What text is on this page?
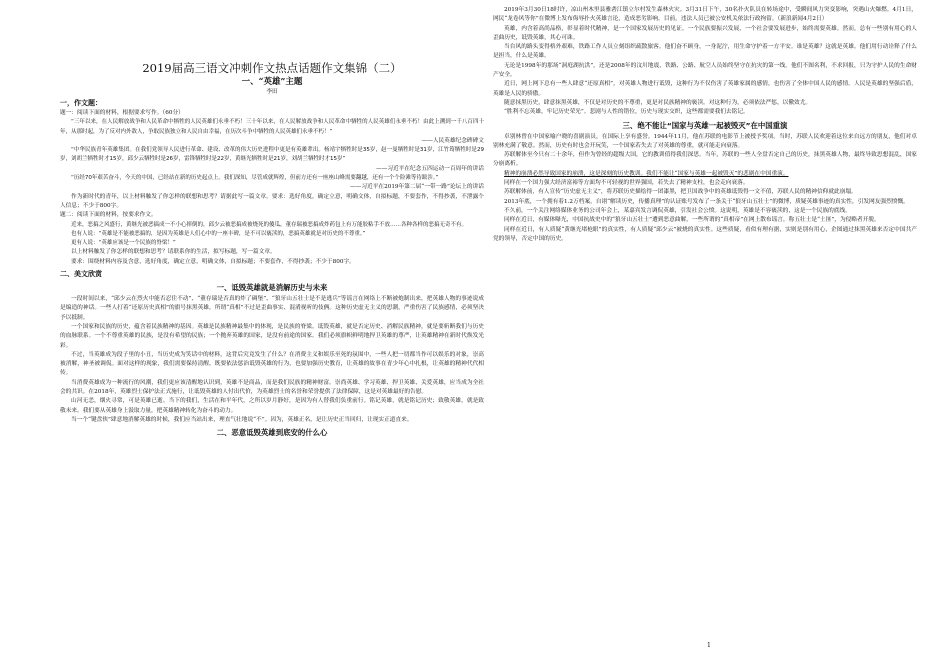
2019届高三语文冲刺作文热点话题作文集锦（二）

一、“英雄”主题

李田

一，作文题：

题一：阅读下面的材料，根据要求写作。（60分）

“三年以来，在人民解放战争和人民革命中牺牲的人民英雄们永垂不朽！三十年以来，在人民解放战争和人民革命中牺牲的人民英雄们永垂不朽！由此上溯到一千八百四十年，从那时起，为了反对内外敌人，争取民族独立和人民自由幸福，在历次斗争中牺牲的人民英雄们永垂不朽！”

——人民英雄纪念碑碑文

“中华民族青年英雄集团。在我们党领导人民进行革命、建设、改革的伟大历史进程中更是有英雄辈出。杨靖宇牺牲时是35岁，赵一曼牺牲时是31岁，江竹筠牺牲时是29岁，刘胡兰牺牲时才15岁，邱少云牺牲时是26岁，雷锋牺牲时是22岁，黄继光牺牲时是21岁，刘胡兰牺牲时才15岁”

——习近平在纪念五四运动一百周年的讲话

“历经70年艰苦奋斗，今天的中国，已经站在新的历史起点上。我们深知，尽管成就辉煌，但前方还有一座座山峰需要翻越，还有一个个险滩等待跋涉。”

——习近平在2019年第二届“一带一路”论坛上的讲话

作为新时代的青年，以上材料触发了你怎样的联想和思考？请据此写一篇文章。要求：选好角度，确定立意，明确文体，自拟标题，不要套作，不得抄袭，不泄露个人信息；不少于800字。

题二：阅读下面的材料，按要求作文。

近来，恶搞之风盛行，黄继光被恶搞成一不小心摔倒的，邱少云被恶搞成被烧死的傻瓜，董存瑞被恶搞成炸药包上有万能胶粘手不放……各种各样的恶搞无奇不有。

也有人说：“英雄是不能被恶搞的，是因为英雄是人们心中的一座丰碑，是不可以亵渎的，恶搞英雄就是对历史的不尊重。”

更有人说：“英雄应该是一个民族的脊梁！”

以上材料触发了你怎样的联想和思考？请联系你的生活，拟写标题，写一篇文章。

要求：围绕材料内容及含意，选好角度，确定立意，明确文体，自拟标题；不要套作，不得抄袭；不少于800字。

二、美文欣赏

一、诋毁英雄就是消解历史与未来

一段时间以来，“邱少云在烈火中能否忍住不动”、“董存瑞是否真的炸了碉堡”、“狼牙山五壮士是不是逃兵”等谣言在网络上不断被炮制出来，把英雄人物的事迹说成是编造的神话。一些人打着“还原历史真相”的旗号抹黑英雄，所谓“真相”不过是歪曲事实、混淆视听的伎俩。这种历史虚无主义的思潮，严重伤害了民族感情，必须坚决予以抵制。

一个国家和民族的历史，蕴含着民族精神的基因。英雄是民族精神最集中的体现，是民族的脊梁。诋毁英雄，就是否定历史、消解民族精神，就是要斩断我们与历史的血脉联系。一个不尊重英雄的民族，是没有希望的民族；一个抛弃英雄的国家，是没有前途的国家。我们必须旗帜鲜明地捍卫英雄的尊严，让英雄精神在新时代焕发光彩。

不过，当英雄成为段子里的小丑，当历史成为笑话中的材料，这背后究竟发生了什么？在消费主义和娱乐至死的氛围中，一些人把一切都当作可以娱乐的对象，崇高被消解，神圣被调侃。面对这样的现象，我们需要保持清醒，既要依法惩治诋毁英雄的行为，也要加强历史教育，让英雄的故事在青少年心中扎根，让英雄的精神代代相传。

当消费英雄成为一种流行的风潮，我们更应该清醒地认识到，英雄不是商品，而是我们民族的精神财富。崇尚英雄、学习英雄、捍卫英雄、关爱英雄，应当成为全社会的共识。在2018年，英雄烈士保护法正式施行，让诋毁英雄的人付出代价，为英雄烈士的名誉和荣誉提供了法律保障，这是对英雄最好的告慰。

山河无恙，烟火寻常，可是英雄已逝。当下的我们，生活在和平年代，之所以岁月静好，是因为有人替我们负重前行。铭记英雄，就是铭记历史；致敬英雄，就是致敬未来。我们要从英雄身上汲取力量，把英雄精神转化为奋斗的动力。

当一个“键盘侠”肆意地消解英雄的时候，我们应当站出来，理直气壮地说“不”。因为，英雄正名，是让历史正当回归，让现实正道直来。

二、恶意诋毁英雄到底安的什么心

2019年3月30日18时许，凉山州木里县雅砻江镇立尔村发生森林火灾。3月31日下午，30名扑火队员在转场途中，受瞬间风力突变影响，突遇山火爆燃。4月1日，网民“龙卷风等你”在微博上发布侮辱扑火英雄言论，造成恶劣影响。目前，违法人员已被公安机关依法行政拘留。（新浪新闻4月2日）

英雄，内含着高尚品格，彰显着时代精神，是一个国家发展历史的见证。一个民族要振兴发展，一个社会要发展进步，始终需要英雄。然而，总有一些别有用心的人歪曲历史，诋毁英雄，其心可诛。

当台风的路头变得格外艰难，铁路工作人员立刻组织疏散旅客。他们奋不顾身，一身泥泞，用生命守护着一方平安。谁是英雄？这就是英雄。他们用行动诠释了什么是担当，什么是英雄。

无论是1998年的那场“洞庭湖抗洪”，还是2008年的汶川地震，铁路、公路、航空人员始终坚守在抗灾的第一线。他们不图名利，不求回报，只为守护人民的生命财产安全。

近日，网上网下总有一些人肆意“还原真相”，对英雄人物进行诋毁，这种行为不仅伤害了英雄家属的感情，也伤害了全体中国人民的感情。人民是英雄的坚强后盾，英雄是人民的骄傲。

随意抹黑历史，肆意抹黑英雄，不仅是对历史的不尊重，更是对民族精神的亵渎。对这种行为，必须依法严惩，以儆效尤。

“胜利不忘英雄，牢记历史荣光”。悲剧与人性的错位，历史与现实交织，这些都需要我们去铭记。

三、绝不能让“国家与英雄一起被毁灭”在中国重演

卓别林曾在中国家喻户晓的喜剧演员，在国际上享有盛誉。1944年11月，他在苏联的电影节上被授予奖项。当时，苏联人民欢迎着这位来自远方的朋友，他们对卓别林充满了敬意。然而，历史有时也会开玩笑，一个国家若失去了对英雄的尊重，就可能走向衰落。

苏联解体至今只有二十余年，但作为曾经的超级大国，它的教训值得我们深思。当年，苏联的一些人全盘否定自己的历史，抹黑英雄人物，最终导致思想混乱，国家分崩离析。

精神的崩溃必然导致国家的崩溃，这是深刻的历史教训。我们不能让“国家与英雄一起被毁灭”的悲剧在中国重演。

同样在一个国力强大经济富裕等方面均不可轻视的世界强国，若失去了精神支柱，也会走向衰落。

苏联解体前，有人宣传“历史虚无主义”，将苏联历史描绘得一团漆黑，把卫国战争中的英雄诋毁得一文不值，苏联人民的精神信仰就此崩塌。

2013年底，一个拥有着1.2万档案，自诩“解读历史，传播真理”的认证账号发布了一条关于“狼牙山五壮士”的微博，质疑英雄事迹的真实性，引发网友强烈愤慨。

不久前，一个关注网络媒体业务的公司年会上，某嘉宾发言调侃英雄，引发社会公愤。这说明，英雄是不容亵渎的，这是一个民族的底线。

同样在近日，有媒体曝光，中国抗战史中的“狼牙山五壮士”遭到恶意曲解，一些所谓的“真相帝”在网上散布谣言，称五壮士是“土匪”，为侵略者开脱。

同样在近日，有人质疑“黄继光堵枪眼”的真实性，有人质疑“邱少云”被烧的真实性。这些质疑，看似有理有据，实则是别有用心，企图通过抹黑英雄来否定中国共产党的领导，否定中国的历史。

1
